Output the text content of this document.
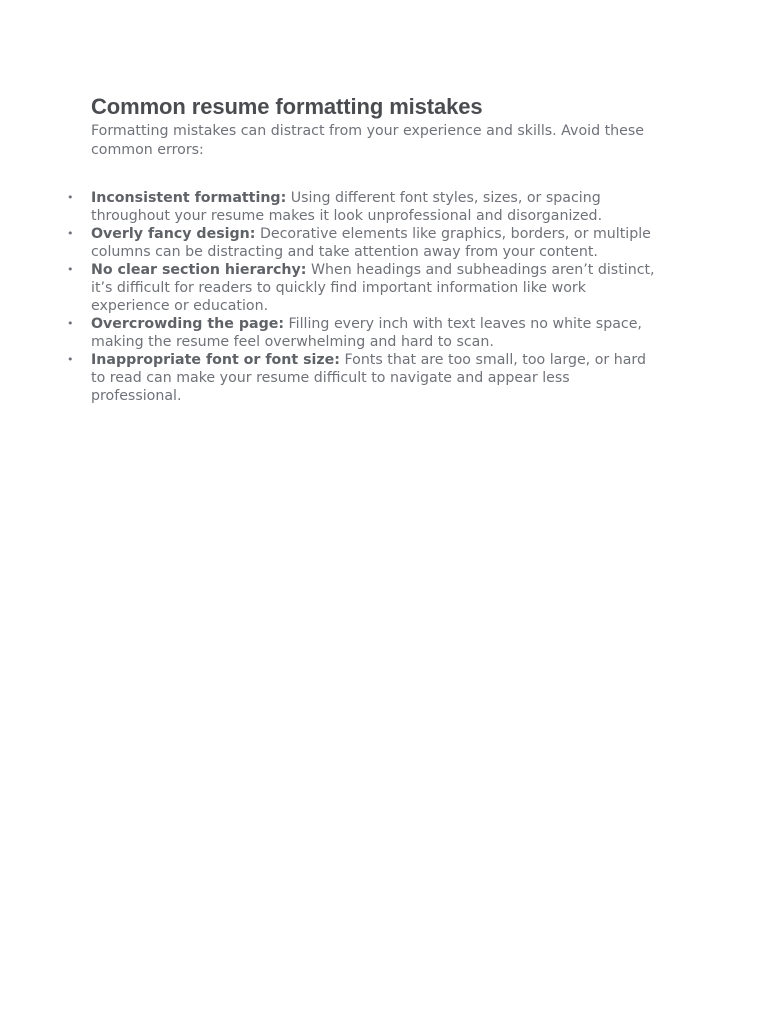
Common resume formatting mistakes

Formatting mistakes can distract from your experience and skills. Avoid these common errors:

• Inconsistent formatting: Using different font styles, sizes, or spacing throughout your resume makes it look unprofessional and disorganized.
• Overly fancy design: Decorative elements like graphics, borders, or multiple columns can be distracting and take attention away from your content.
• No clear section hierarchy: When headings and subheadings aren’t distinct, it’s difficult for readers to quickly find important information like work experience or education.
• Overcrowding the page: Filling every inch with text leaves no white space, making the resume feel overwhelming and hard to scan.
• Inappropriate font or font size: Fonts that are too small, too large, or hard to read can make your resume difficult to navigate and appear less professional.
